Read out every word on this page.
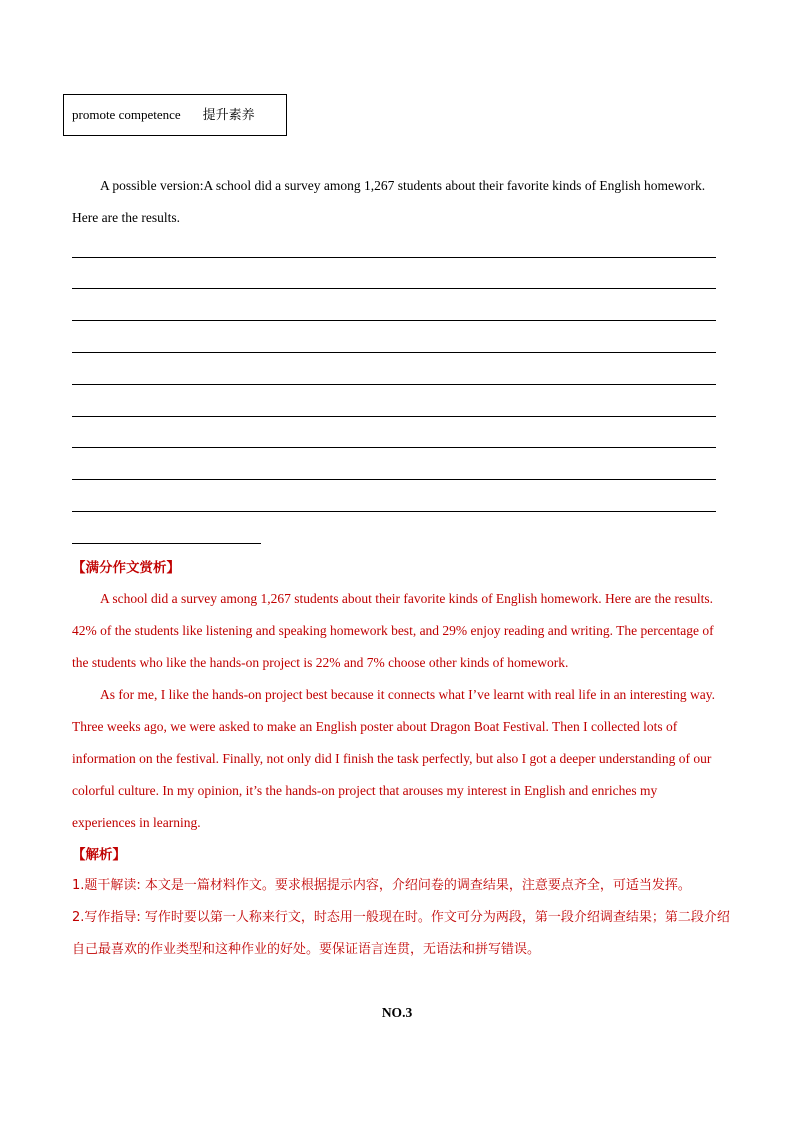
promote competence 提升素养
A possible version:A school did a survey among 1,267 students about their favorite kinds of English homework. Here are the results.
【满分作文赏析】
A school did a survey among 1,267 students about their favorite kinds of English homework. Here are the results. 42% of the students like listening and speaking homework best, and 29% enjoy reading and writing. The percentage of the students who like the hands-on project is 22% and 7% choose other kinds of homework.
As for me, I like the hands-on project best because it connects what I’ve learnt with real life in an interesting way. Three weeks ago, we were asked to make an English poster about Dragon Boat Festival. Then I collected lots of information on the festival. Finally, not only did I finish the task perfectly, but also I got a deeper understanding of our colorful culture. In my opinion, it’s the hands-on project that arouses my interest in English and enriches my experiences in learning.
【解析】
1.题干解读: 本文是一篇材料作文。要求根据提示内容，介绍问卷的调查结果，注意要点齐全，可适当发挥。
2.写作指导: 写作时要以第一人称来行文，时态用一般现在时。作文可分为两段，第一段介绍调查结果；第二段介绍自己最喜欢的作业类型和这种作业的好处。要保证语言连贯，无语法和拼写错误。
NO.3
